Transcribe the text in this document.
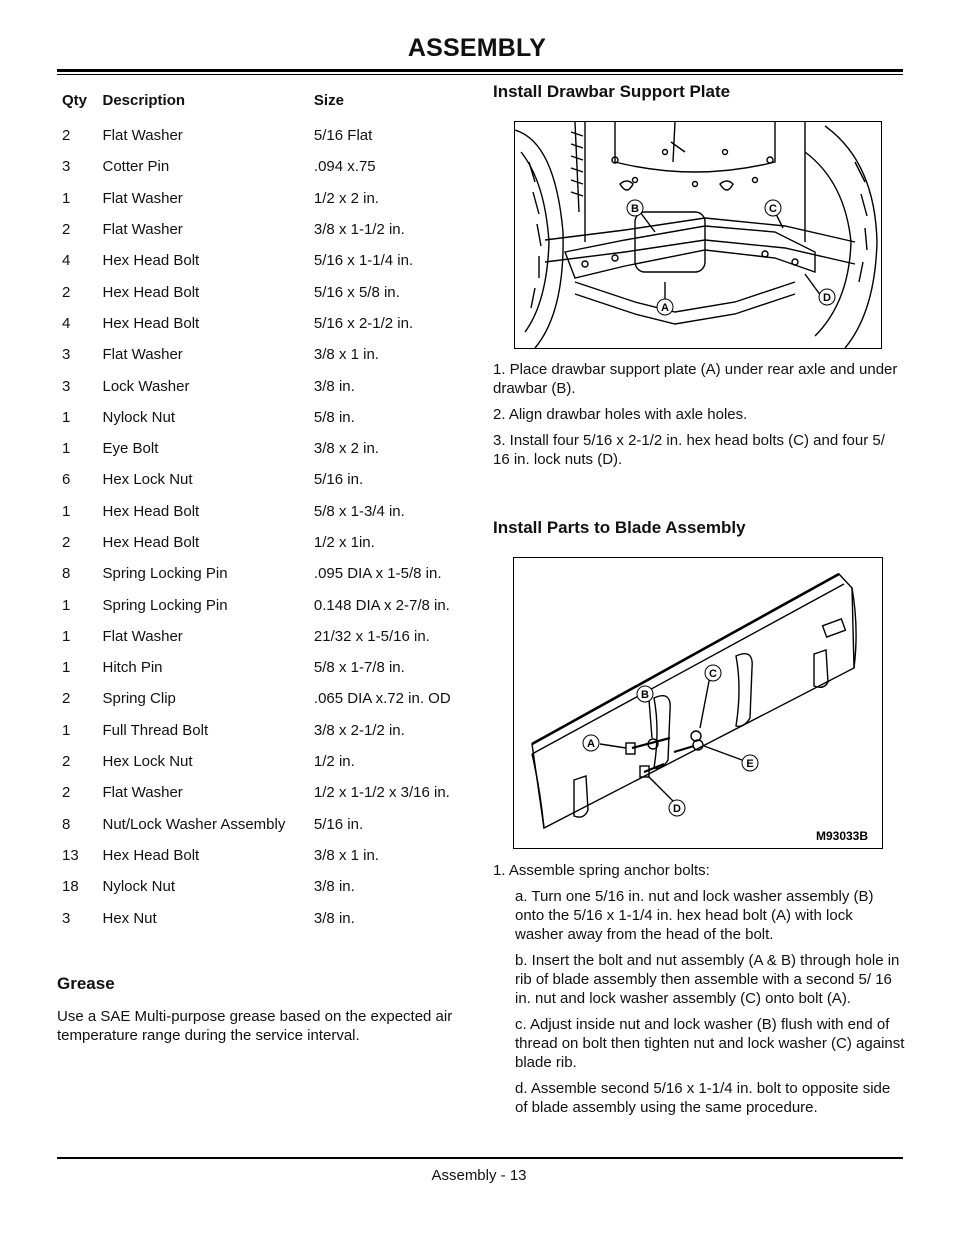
ASSEMBLY
Qty	Description	Size
2	Flat Washer	5/16 Flat
3	Cotter Pin	.094 x.75
1	Flat Washer	1/2 x 2 in.
2	Flat Washer	3/8 x 1-1/2 in.
4	Hex Head Bolt	5/16 x 1-1/4 in.
2	Hex Head Bolt	5/16 x 5/8 in.
4	Hex Head Bolt	5/16 x 2-1/2 in.
3	Flat Washer	3/8 x 1 in.
3	Lock Washer	3/8 in.
1	Nylock Nut	5/8 in.
1	Eye Bolt	3/8 x 2 in.
6	Hex Lock Nut	5/16 in.
1	Hex Head Bolt	5/8 x 1-3/4 in.
2	Hex Head Bolt	1/2 x 1in.
8	Spring Locking Pin	.095 DIA x 1-5/8 in.
1	Spring Locking Pin	0.148 DIA x 2-7/8 in.
1	Flat Washer	21/32 x 1-5/16 in.
1	Hitch Pin	5/8 x 1-7/8 in.
2	Spring Clip	.065 DIA x.72 in. OD
1	Full Thread Bolt	3/8 x 2-1/2 in.
2	Hex Lock Nut	1/2 in.
2	Flat Washer	1/2 x 1-1/2 x 3/16 in.
8	Nut/Lock Washer Assembly	5/16 in.
13	Hex Head Bolt	3/8 x 1 in.
18	Nylock Nut	3/8 in.
3	Hex Nut	3/8 in.
Grease
Use a SAE Multi-purpose grease based on the expected air temperature range during the service interval.
Install Drawbar Support Plate
B	C
D
A

1. Place drawbar support plate (A) under rear axle and under drawbar (B).

2. Align drawbar holes with axle holes.

3. Install four 5/16 x 2-1/2 in. hex head bolts (C) and four 5/ 16 in. lock nuts (D).

Install Parts to Blade Assembly
B
C
A
D
E
M93033B

1. Assemble spring anchor bolts:

a. Turn one 5/16 in. nut and lock washer assembly (B) onto the 5/16 x 1-1/4 in. hex head bolt (A) with lock washer away from the head of the bolt.

b. Insert the bolt and nut assembly (A & B) through hole in rib of blade assembly then assemble with a second 5/ 16 in. nut and lock washer assembly (C) onto bolt (A).

c. Adjust inside nut and lock washer (B) flush with end of thread on bolt then tighten nut and lock washer (C) against blade rib.

d. Assemble second 5/16 x 1-1/4 in. bolt to opposite side of blade assembly using the same procedure.

Assembly - 13
